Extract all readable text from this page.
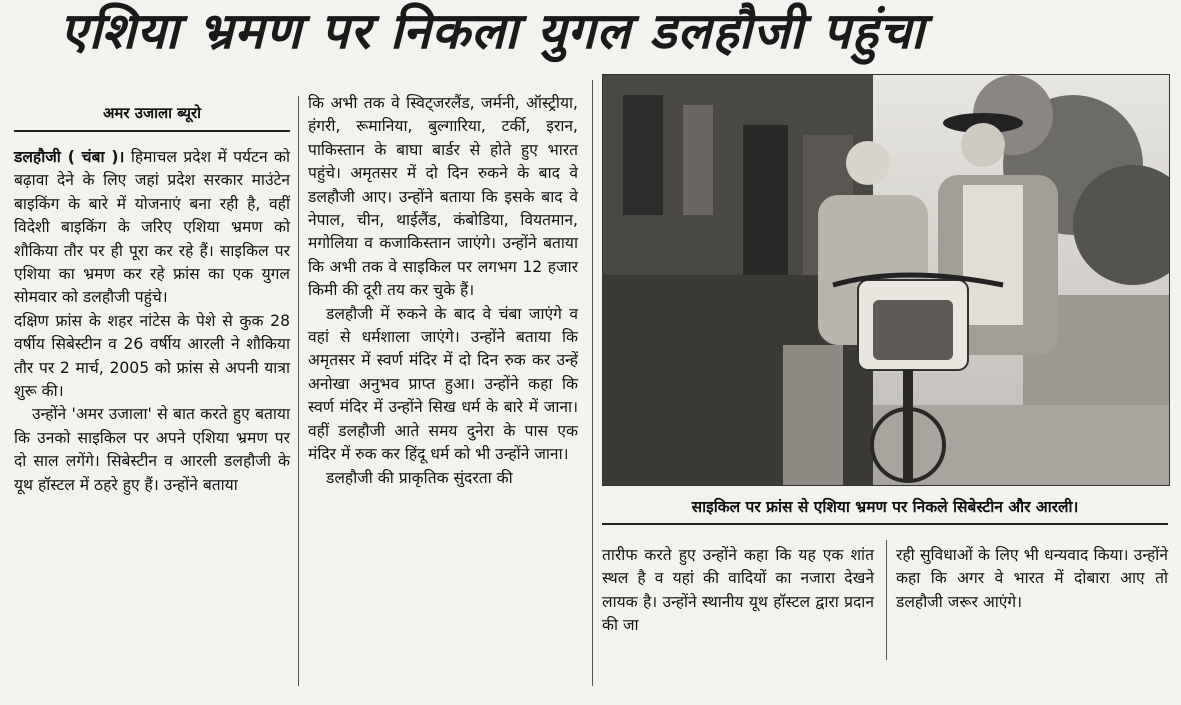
एशिया भ्रमण पर निकला युगल डलहौजी पहुंचा
अमर उजाला ब्यूरो

डलहौजी ( चंबा )। हिमाचल प्रदेश में पर्यटन को बढ़ावा देने के लिए जहां प्रदेश सरकार माउंटेन बाइकिंग के बारे में योजनाएं बना रही है, वहीं विदेशी बाइकिंग के जरिए एशिया भ्रमण को शौकिया तौर पर ही पूरा कर रहे हैं। साइकिल पर एशिया का भ्रमण कर रहे फ्रांस का एक युगल सोमवार को डलहौजी पहुंचे।

दक्षिण फ्रांस के शहर नांटेस के पेशे से कुक 28 वर्षीय सिबेस्टीन व 26 वर्षीय आरली ने शौकिया तौर पर 2 मार्च, 2005 को फ्रांस से अपनी यात्रा शुरू की।

उन्होंने 'अमर उजाला' से बात करते हुए बताया कि उनको साइकिल पर अपने एशिया भ्रमण पर दो साल लगेंगे। सिबेस्टीन व आरली डलहौजी के यूथ हॉस्टल में ठहरे हुए हैं। उन्होंने बताया

कि अभी तक वे स्विट्जरलैंड, जर्मनी, ऑस्ट्रीया, हंगरी, रूमानिया, बुल्गारिया, टर्की, इरान, पाकिस्तान के बाघा बार्डर से होते हुए भारत पहुंचे। अमृतसर में दो दिन रुकने के बाद वे डलहौजी आए। उन्होंने बताया कि इसके बाद वे नेपाल, चीन, थाईलैंड, कंबोडिया, वियतमान, मगोलिया व कजाकिस्तान जाएंगे। उन्होंने बताया कि अभी तक वे साइकिल पर लगभग 12 हजार किमी की दूरी तय कर चुके हैं।

डलहौजी में रुकने के बाद वे चंबा जाएंगे व वहां से धर्मशाला जाएंगे। उन्होंने बताया कि अमृतसर में स्वर्ण मंदिर में दो दिन रुक कर उन्हें अनोखा अनुभव प्राप्त हुआ। उन्होंने कहा कि स्वर्ण मंदिर में उन्होंने सिख धर्म के बारे में जाना। वहीं डलहौजी आते समय दुनेरा के पास एक मंदिर में रुक कर हिंदू धर्म को भी उन्होंने जाना।

डलहौजी की प्राकृतिक सुंदरता की

साइकिल पर फ्रांस से एशिया भ्रमण पर निकले सिबेस्टीन और आरली।

तारीफ करते हुए उन्होंने कहा कि यह एक शांत स्थल है व यहां की वादियों का नजारा देखने लायक है। उन्होंने स्थानीय यूथ हॉस्टल द्वारा प्रदान की जा

रही सुविधाओं के लिए भी धन्यवाद किया। उन्होंने कहा कि अगर वे भारत में दोबारा आए तो डलहौजी जरूर आएंगे।
